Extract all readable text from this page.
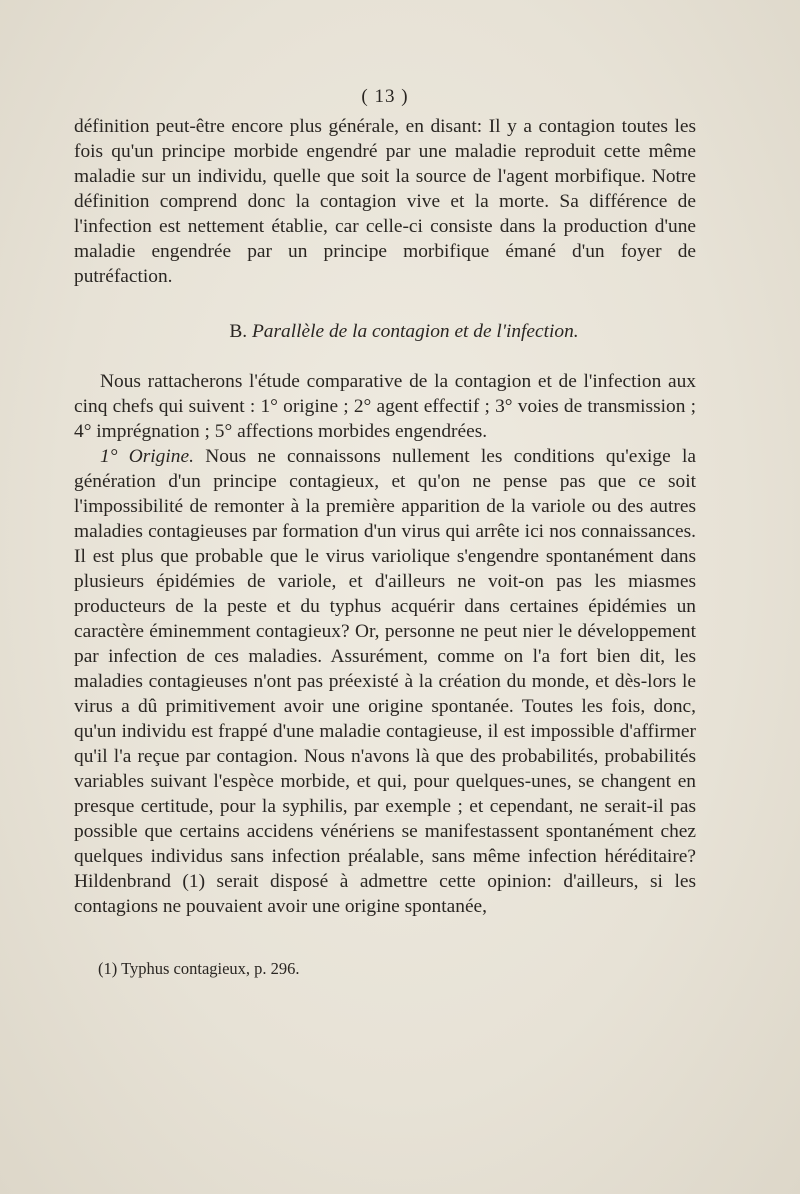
( 13 )
définition peut-être encore plus générale, en disant: Il y a contagion toutes les fois qu'un principe morbide engendré par une maladie reproduit cette même maladie sur un individu, quelle que soit la source de l'agent morbifique. Notre définition comprend donc la contagion vive et la morte. Sa différence de l'infection est nettement établie, car celle-ci consiste dans la production d'une maladie engendrée par un principe morbifique émané d'un foyer de putréfaction.
B. Parallèle de la contagion et de l'infection.
Nous rattacherons l'étude comparative de la contagion et de l'infection aux cinq chefs qui suivent : 1° origine ; 2° agent effectif ; 3° voies de transmission ; 4° imprégnation ; 5° affections morbides engendrées.
1° Origine. Nous ne connaissons nullement les conditions qu'exige la génération d'un principe contagieux, et qu'on ne pense pas que ce soit l'impossibilité de remonter à la première apparition de la variole ou des autres maladies contagieuses par formation d'un virus qui arrête ici nos connaissances. Il est plus que probable que le virus variolique s'engendre spontanément dans plusieurs épidémies de variole, et d'ailleurs ne voit-on pas les miasmes producteurs de la peste et du typhus acquérir dans certaines épidémies un caractère éminemment contagieux? Or, personne ne peut nier le développement par infection de ces maladies. Assurément, comme on l'a fort bien dit, les maladies contagieuses n'ont pas préexisté à la création du monde, et dès-lors le virus a dû primitivement avoir une origine spontanée. Toutes les fois, donc, qu'un individu est frappé d'une maladie contagieuse, il est impossible d'affirmer qu'il l'a reçue par contagion. Nous n'avons là que des probabilités, probabilités variables suivant l'espèce morbide, et qui, pour quelques-unes, se changent en presque certitude, pour la syphilis, par exemple ; et cependant, ne serait-il pas possible que certains accidens vénériens se manifestassent spontanément chez quelques individus sans infection préalable, sans même infection héréditaire? Hildenbrand (1) serait disposé à admettre cette opinion: d'ailleurs, si les contagions ne pouvaient avoir une origine spontanée,
(1) Typhus contagieux, p. 296.
